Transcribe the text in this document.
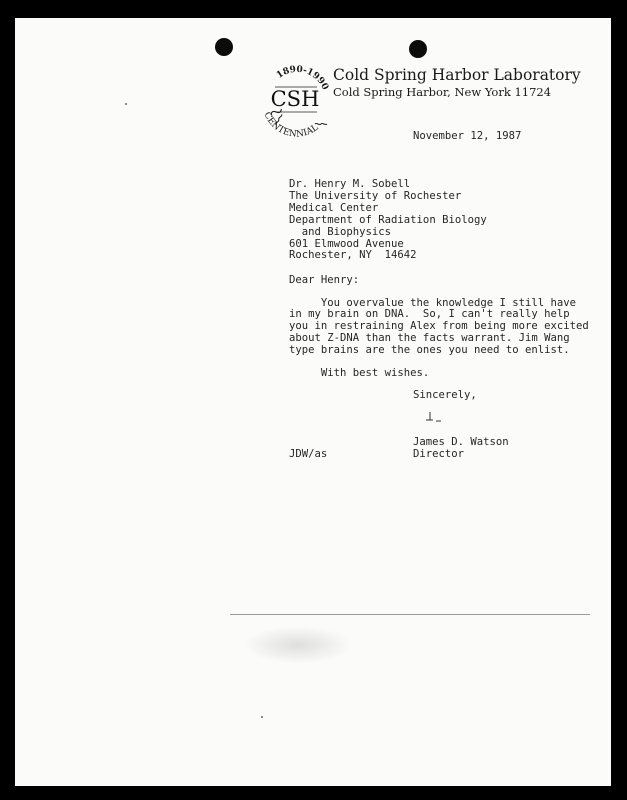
1890-1990
CSH
CENTENNIAL
Cold Spring Harbor Laboratory
Cold Spring Harbor, New York 11724
November 12, 1987
Dr. Henry M. Sobell
The University of Rochester
Medical Center
Department of Radiation Biology
and Biophysics
601 Elmwood Avenue
Rochester, NY  14642
Dear Henry:
You overvalue the knowledge I still have
in my brain on DNA.  So, I can't really help
you in restraining Alex from being more excited
about Z-DNA than the facts warrant. Jim Wang
type brains are the ones you need to enlist.
With best wishes.
Sincerely,
James D. Watson
JDW/as	Director
